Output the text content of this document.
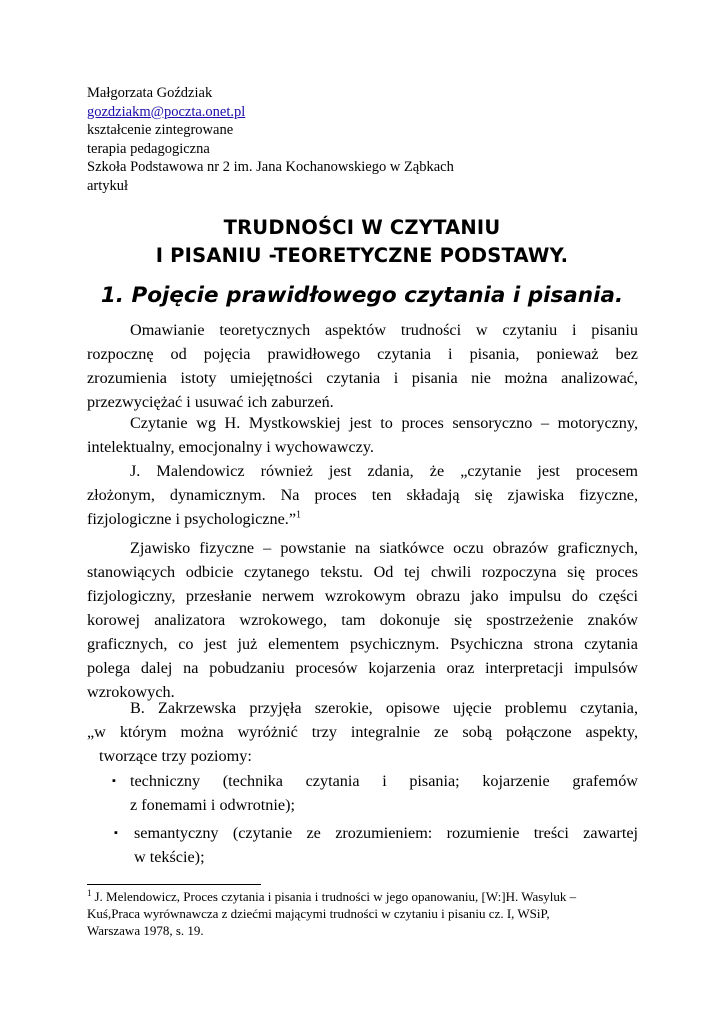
Małgorzata Goździak
gozdziakm@poczta.onet.pl
kształcenie zintegrowane
terapia pedagogiczna
Szkoła Podstawowa nr 2 im. Jana Kochanowskiego w Ząbkach
artykuł
TRUDNOŚCI W CZYTANIU
I PISANIU -TEORETYCZNE PODSTAWY.
1. Pojęcie prawidłowego czytania i pisania.
Omawianie teoretycznych aspektów trudności w czytaniu i pisaniu
rozpocznę od pojęcia prawidłowego czytania i pisania, ponieważ bez
zrozumienia istoty umiejętności czytania i pisania nie można analizować,
przezwyciężać i usuwać ich zaburzeń.
Czytanie wg H. Mystkowskiej jest to proces sensoryczno – motoryczny,
intelektualny, emocjonalny i wychowawczy.
J. Malendowicz również jest zdania, że „czytanie jest procesem
złożonym, dynamicznym. Na proces ten składają się zjawiska fizyczne,
fizjologiczne i psychologiczne.”$^1$
Zjawisko fizyczne – powstanie na siatkówce oczu obrazów graficznych,
stanowiących odbicie czytanego tekstu. Od tej chwili rozpoczyna się proces
fizjologiczny, przesłanie nerwem wzrokowym obrazu jako impulsu do części
korowej analizatora wzrokowego, tam dokonuje się spostrzeżenie znaków
graficznych, co jest już elementem psychicznym. Psychiczna strona czytania
polega dalej na pobudzaniu procesów kojarzenia oraz interpretacji impulsów
wzrokowych.
B. Zakrzewska przyjęła szerokie, opisowe ujęcie problemu czytania,
„w którym można wyróżnić trzy integralnie ze sobą połączone aspekty,
tworzące trzy poziomy:
▪ techniczny (technika czytania i pisania; kojarzenie grafemów
z fonemami i odwrotnie);
▪ semantyczny (czytanie ze zrozumieniem: rozumienie treści zawartej
w tekście);
$^1$ J. Melendowicz, Proces czytania i pisania i trudności w jego opanowaniu, [W:]H. Wasyluk –
Kuś,Praca wyrównawcza z dziećmi mającymi trudności w czytaniu i pisaniu cz. I, WSiP,
Warszawa 1978, s. 19.
